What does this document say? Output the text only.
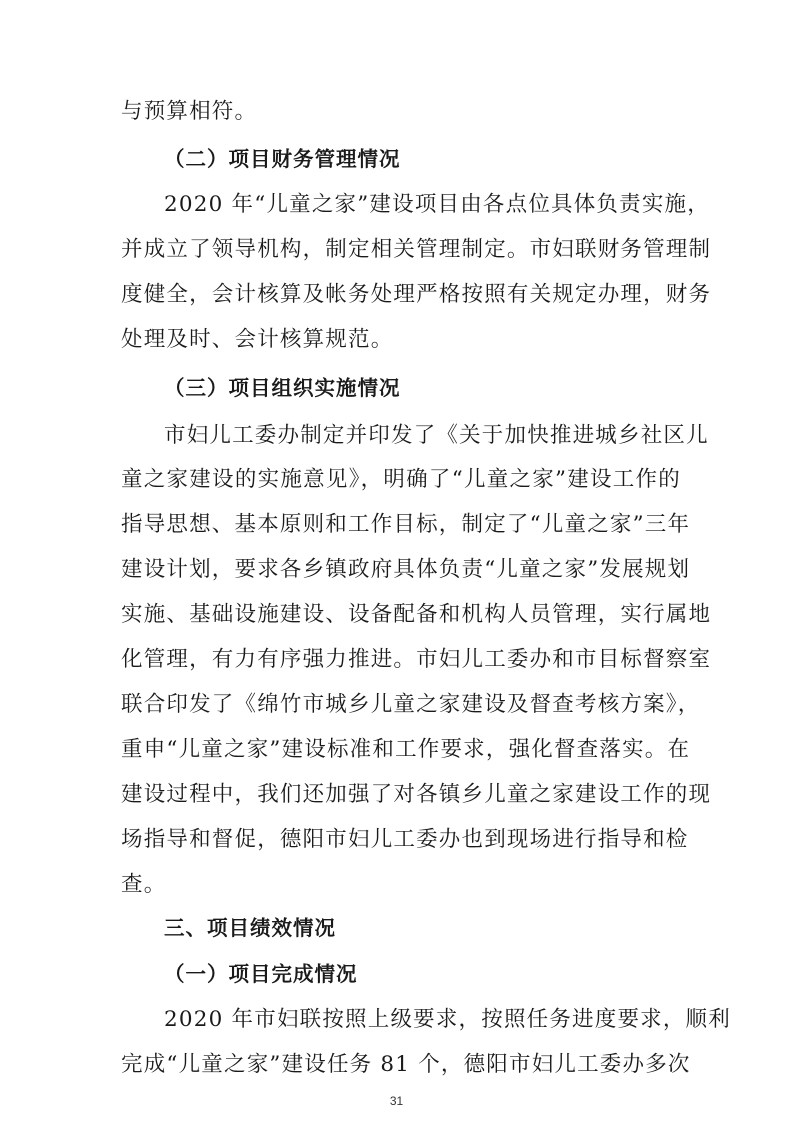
与预算相符。
（二）项目财务管理情况
2020 年“儿童之家”建设项目由各点位具体负责实施，
并成立了领导机构，制定相关管理制定。市妇联财务管理制
度健全，会计核算及帐务处理严格按照有关规定办理，财务
处理及时、会计核算规范。
（三）项目组织实施情况
市妇儿工委办制定并印发了《关于加快推进城乡社区儿
童之家建设的实施意见》，明确了“儿童之家”建设工作的
指导思想、基本原则和工作目标，制定了“儿童之家”三年
建设计划，要求各乡镇政府具体负责“儿童之家”发展规划
实施、基础设施建设、设备配备和机构人员管理，实行属地
化管理，有力有序强力推进。市妇儿工委办和市目标督察室
联合印发了《绵竹市城乡儿童之家建设及督查考核方案》，
重申“儿童之家”建设标准和工作要求，强化督查落实。在
建设过程中，我们还加强了对各镇乡儿童之家建设工作的现
场指导和督促，德阳市妇儿工委办也到现场进行指导和检
查。
三、项目绩效情况
（一）项目完成情况
2020 年市妇联按照上级要求，按照任务进度要求，顺利
完成“儿童之家”建设任务 81 个，德阳市妇儿工委办多次
31
